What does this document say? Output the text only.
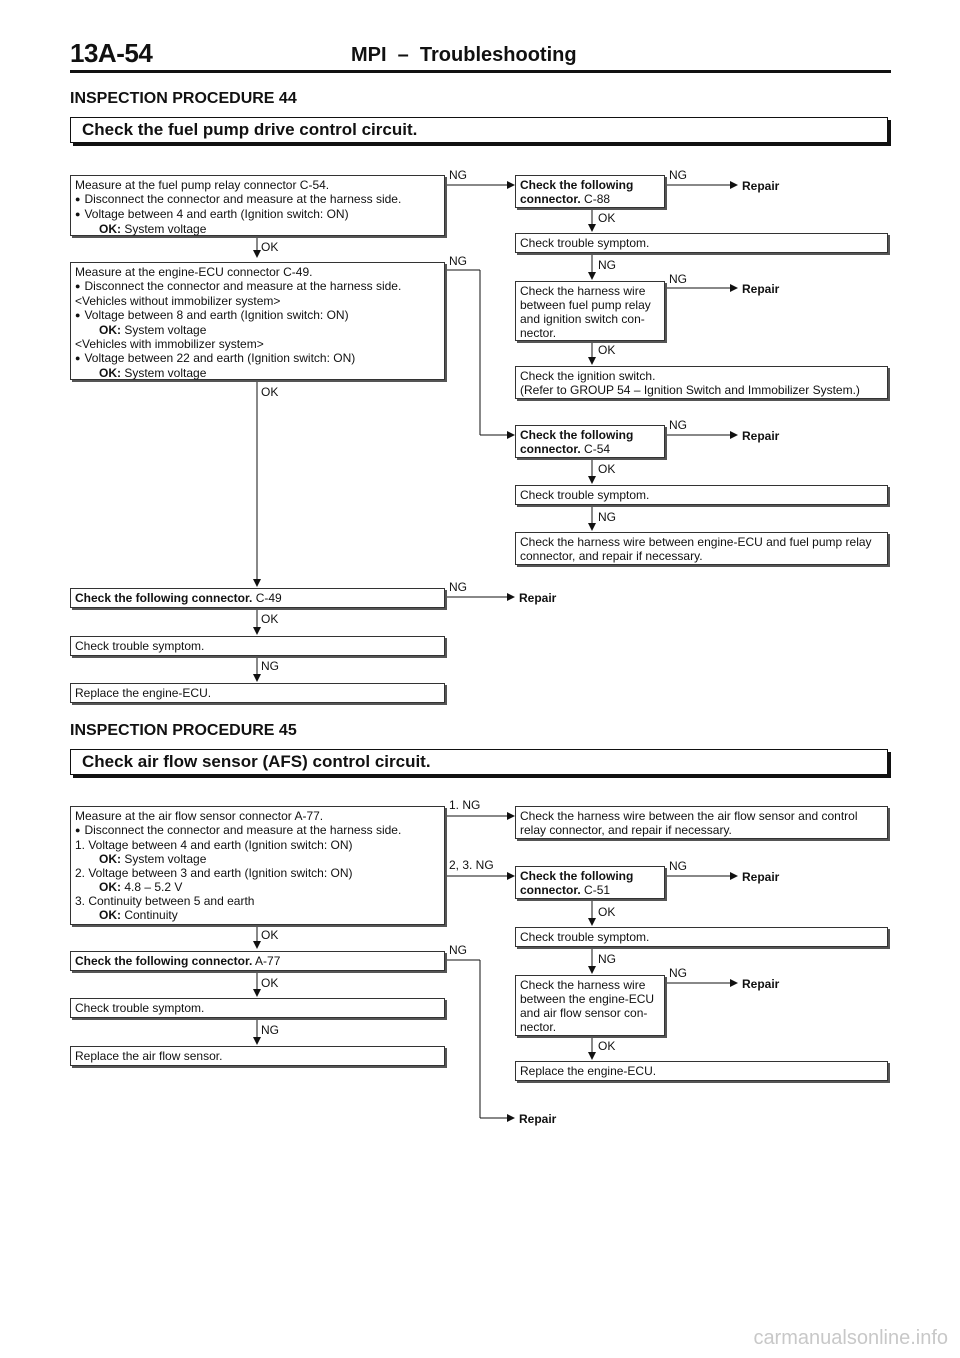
13A-54	MPI  –  Troubleshooting
INSPECTION PROCEDURE 44
Check the fuel pump drive control circuit.
Measure at the fuel pump relay connector C-54.
● Disconnect the connector and measure at the harness side.
● Voltage between 4 and earth (Ignition switch: ON)
OK: System voltage
Measure at the engine-ECU connector C-49.
● Disconnect the connector and measure at the harness side.
<Vehicles without immobilizer system>
● Voltage between 8 and earth (Ignition switch: ON)
OK: System voltage
<Vehicles with immobilizer system>
● Voltage between 22 and earth (Ignition switch: ON)
OK: System voltage
Check the following connector. C-49
Check trouble symptom.
Replace the engine-ECU.
Check the following
connector. C-88
Check trouble symptom.
Check the harness wire
between fuel pump relay
and ignition switch con-
nector.
Check the ignition switch.
(Refer to GROUP 54 – Ignition Switch and Immobilizer System.)
Check the following
connector. C-54
Check trouble symptom.
Check the harness wire between engine-ECU and fuel pump relay
connector, and repair if necessary.
OK
NG
NG
OK
NG
OK
NG
NG
OK
NG
NG
OK
NG
OK
NG
Repair
Repair
Repair
Repair
INSPECTION PROCEDURE 45
Check air flow sensor (AFS) control circuit.
Measure at the air flow sensor connector A-77.
● Disconnect the connector and measure at the harness side.
1. Voltage between 4 and earth (Ignition switch: ON)
OK: System voltage
2. Voltage between 3 and earth (Ignition switch: ON)
OK: 4.8 – 5.2 V
3. Continuity between 5 and earth
OK: Continuity
Check the following connector. A-77
Check trouble symptom.
Replace the air flow sensor.
Check the harness wire between the air flow sensor and control
relay connector, and repair if necessary.
Check the following
connector. C-51
Check trouble symptom.
Check the harness wire
between the engine-ECU
and air flow sensor con-
nector.
Replace the engine-ECU.
1. NG
2, 3. NG
OK
NG
OK
NG
NG
OK
NG
NG
OK
Repair
Repair
Repair
carmanualsonline.info
